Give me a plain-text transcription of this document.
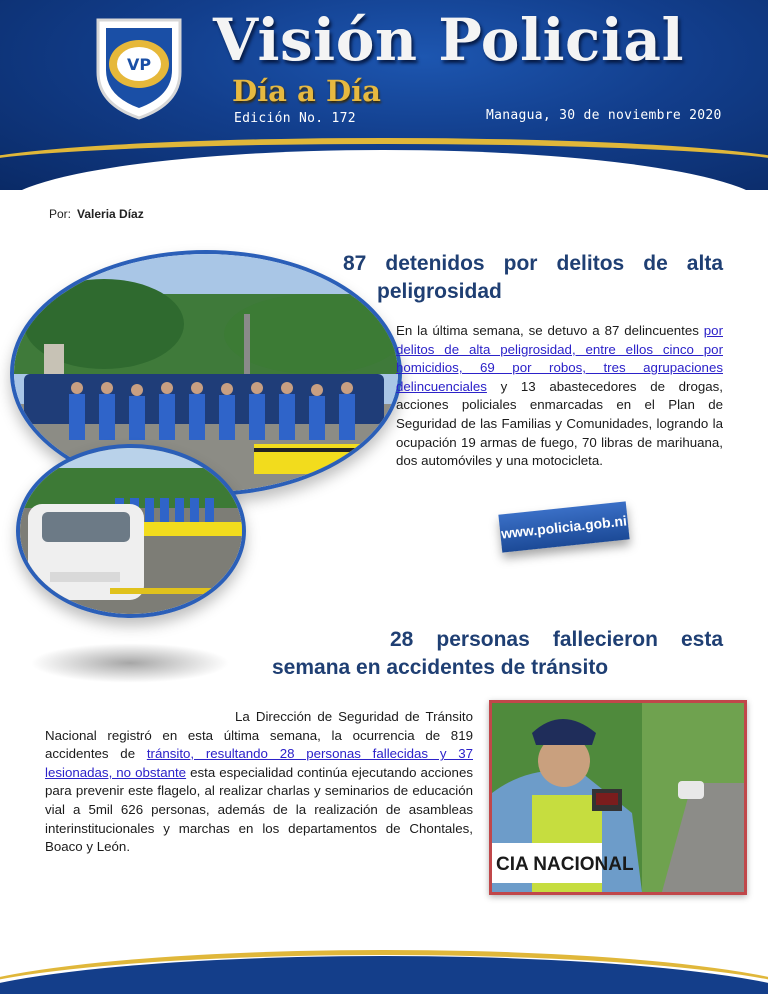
VP Visión Policial
Día a Día
Edición No. 172	Managua, 30 de noviembre 2020
Por: Valeria Díaz
87 detenidos por delitos de alta
peligrosidad
En la última semana, se detuvo a 87 delincuentes por delitos de alta peligrosidad, entre ellos cinco por homicidios, 69 por robos, tres agrupaciones delincuenciales y 13 abastecedores de drogas, acciones policiales enmarcadas en el Plan de Seguridad de las Familias y Comunidades, logrando la ocupación 19 armas de fuego, 70 libras de marihuana, dos automóviles y una motocicleta.
www.policia.gob.ni
28 personas fallecieron esta
semana en accidentes de tránsito
La Dirección de Seguridad de Tránsito Nacional registró en esta última semana, la ocurrencia de 819 accidentes de tránsito, resultando 28 personas fallecidas y 37 lesionadas, no obstante esta especialidad continúa ejecutando acciones para prevenir este flagelo, al realizar charlas y seminarios de educación vial a 5mil 626 personas, además de la realización de asambleas interinstitucionales y marchas en los departamentos de Chontales, Boaco y León.
CIA NACIONAL
